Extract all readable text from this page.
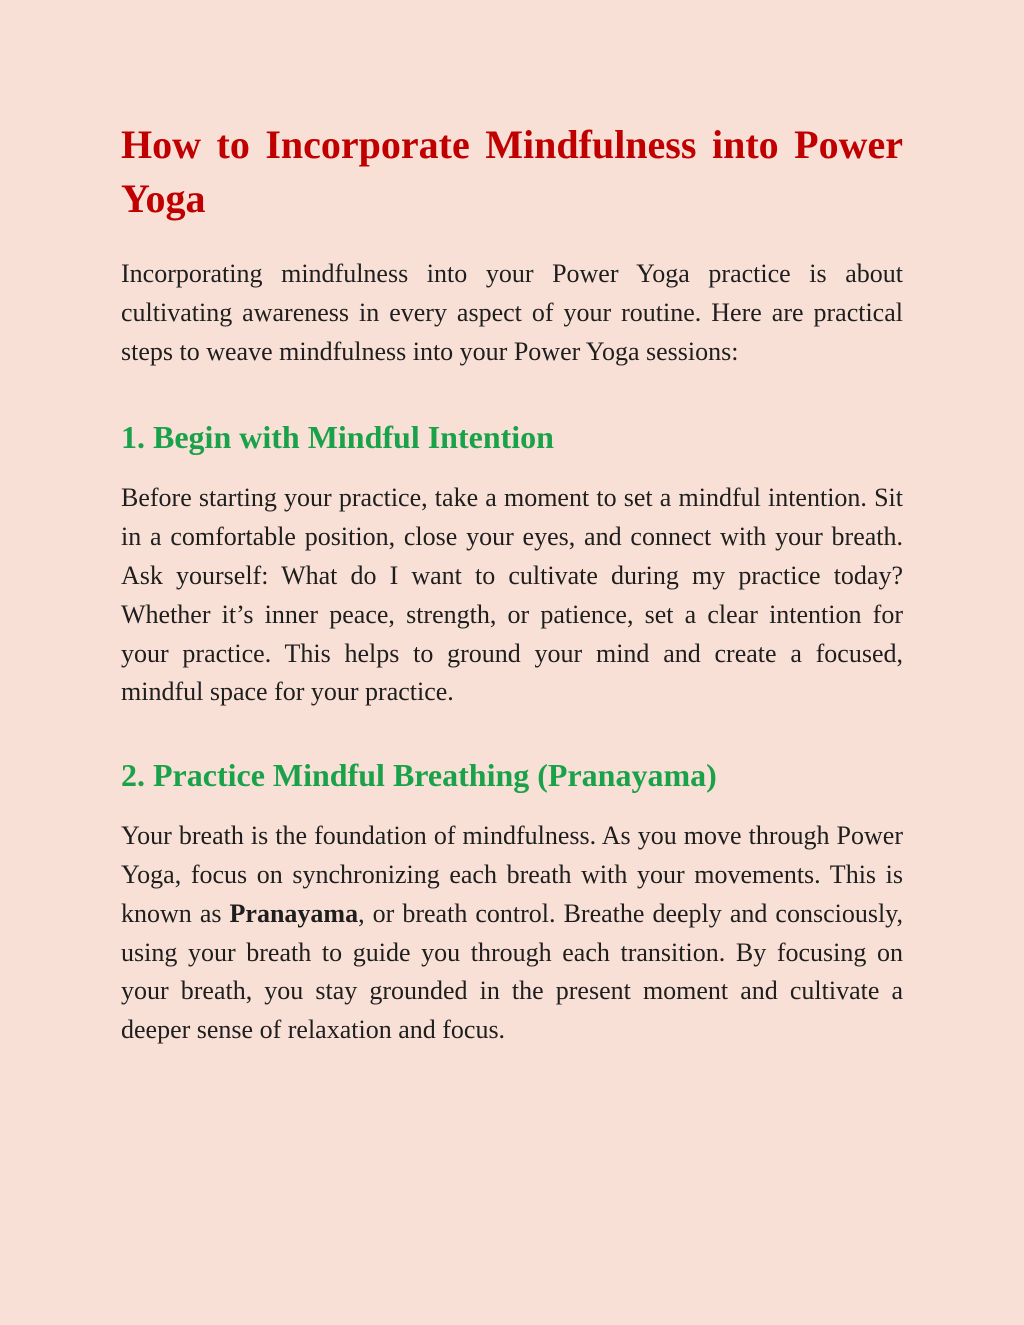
How to Incorporate Mindfulness into Power Yoga

Incorporating mindfulness into your Power Yoga practice is about cultivating awareness in every aspect of your routine. Here are practical steps to weave mindfulness into your Power Yoga sessions:

1. Begin with Mindful Intention

Before starting your practice, take a moment to set a mindful intention. Sit in a comfortable position, close your eyes, and connect with your breath. Ask yourself: What do I want to cultivate during my practice today? Whether it’s inner peace, strength, or patience, set a clear intention for your practice. This helps to ground your mind and create a focused, mindful space for your practice.

2. Practice Mindful Breathing (Pranayama)

Your breath is the foundation of mindfulness. As you move through Power Yoga, focus on synchronizing each breath with your movements. This is known as Pranayama, or breath control. Breathe deeply and consciously, using your breath to guide you through each transition. By focusing on your breath, you stay grounded in the present moment and cultivate a deeper sense of relaxation and focus.
